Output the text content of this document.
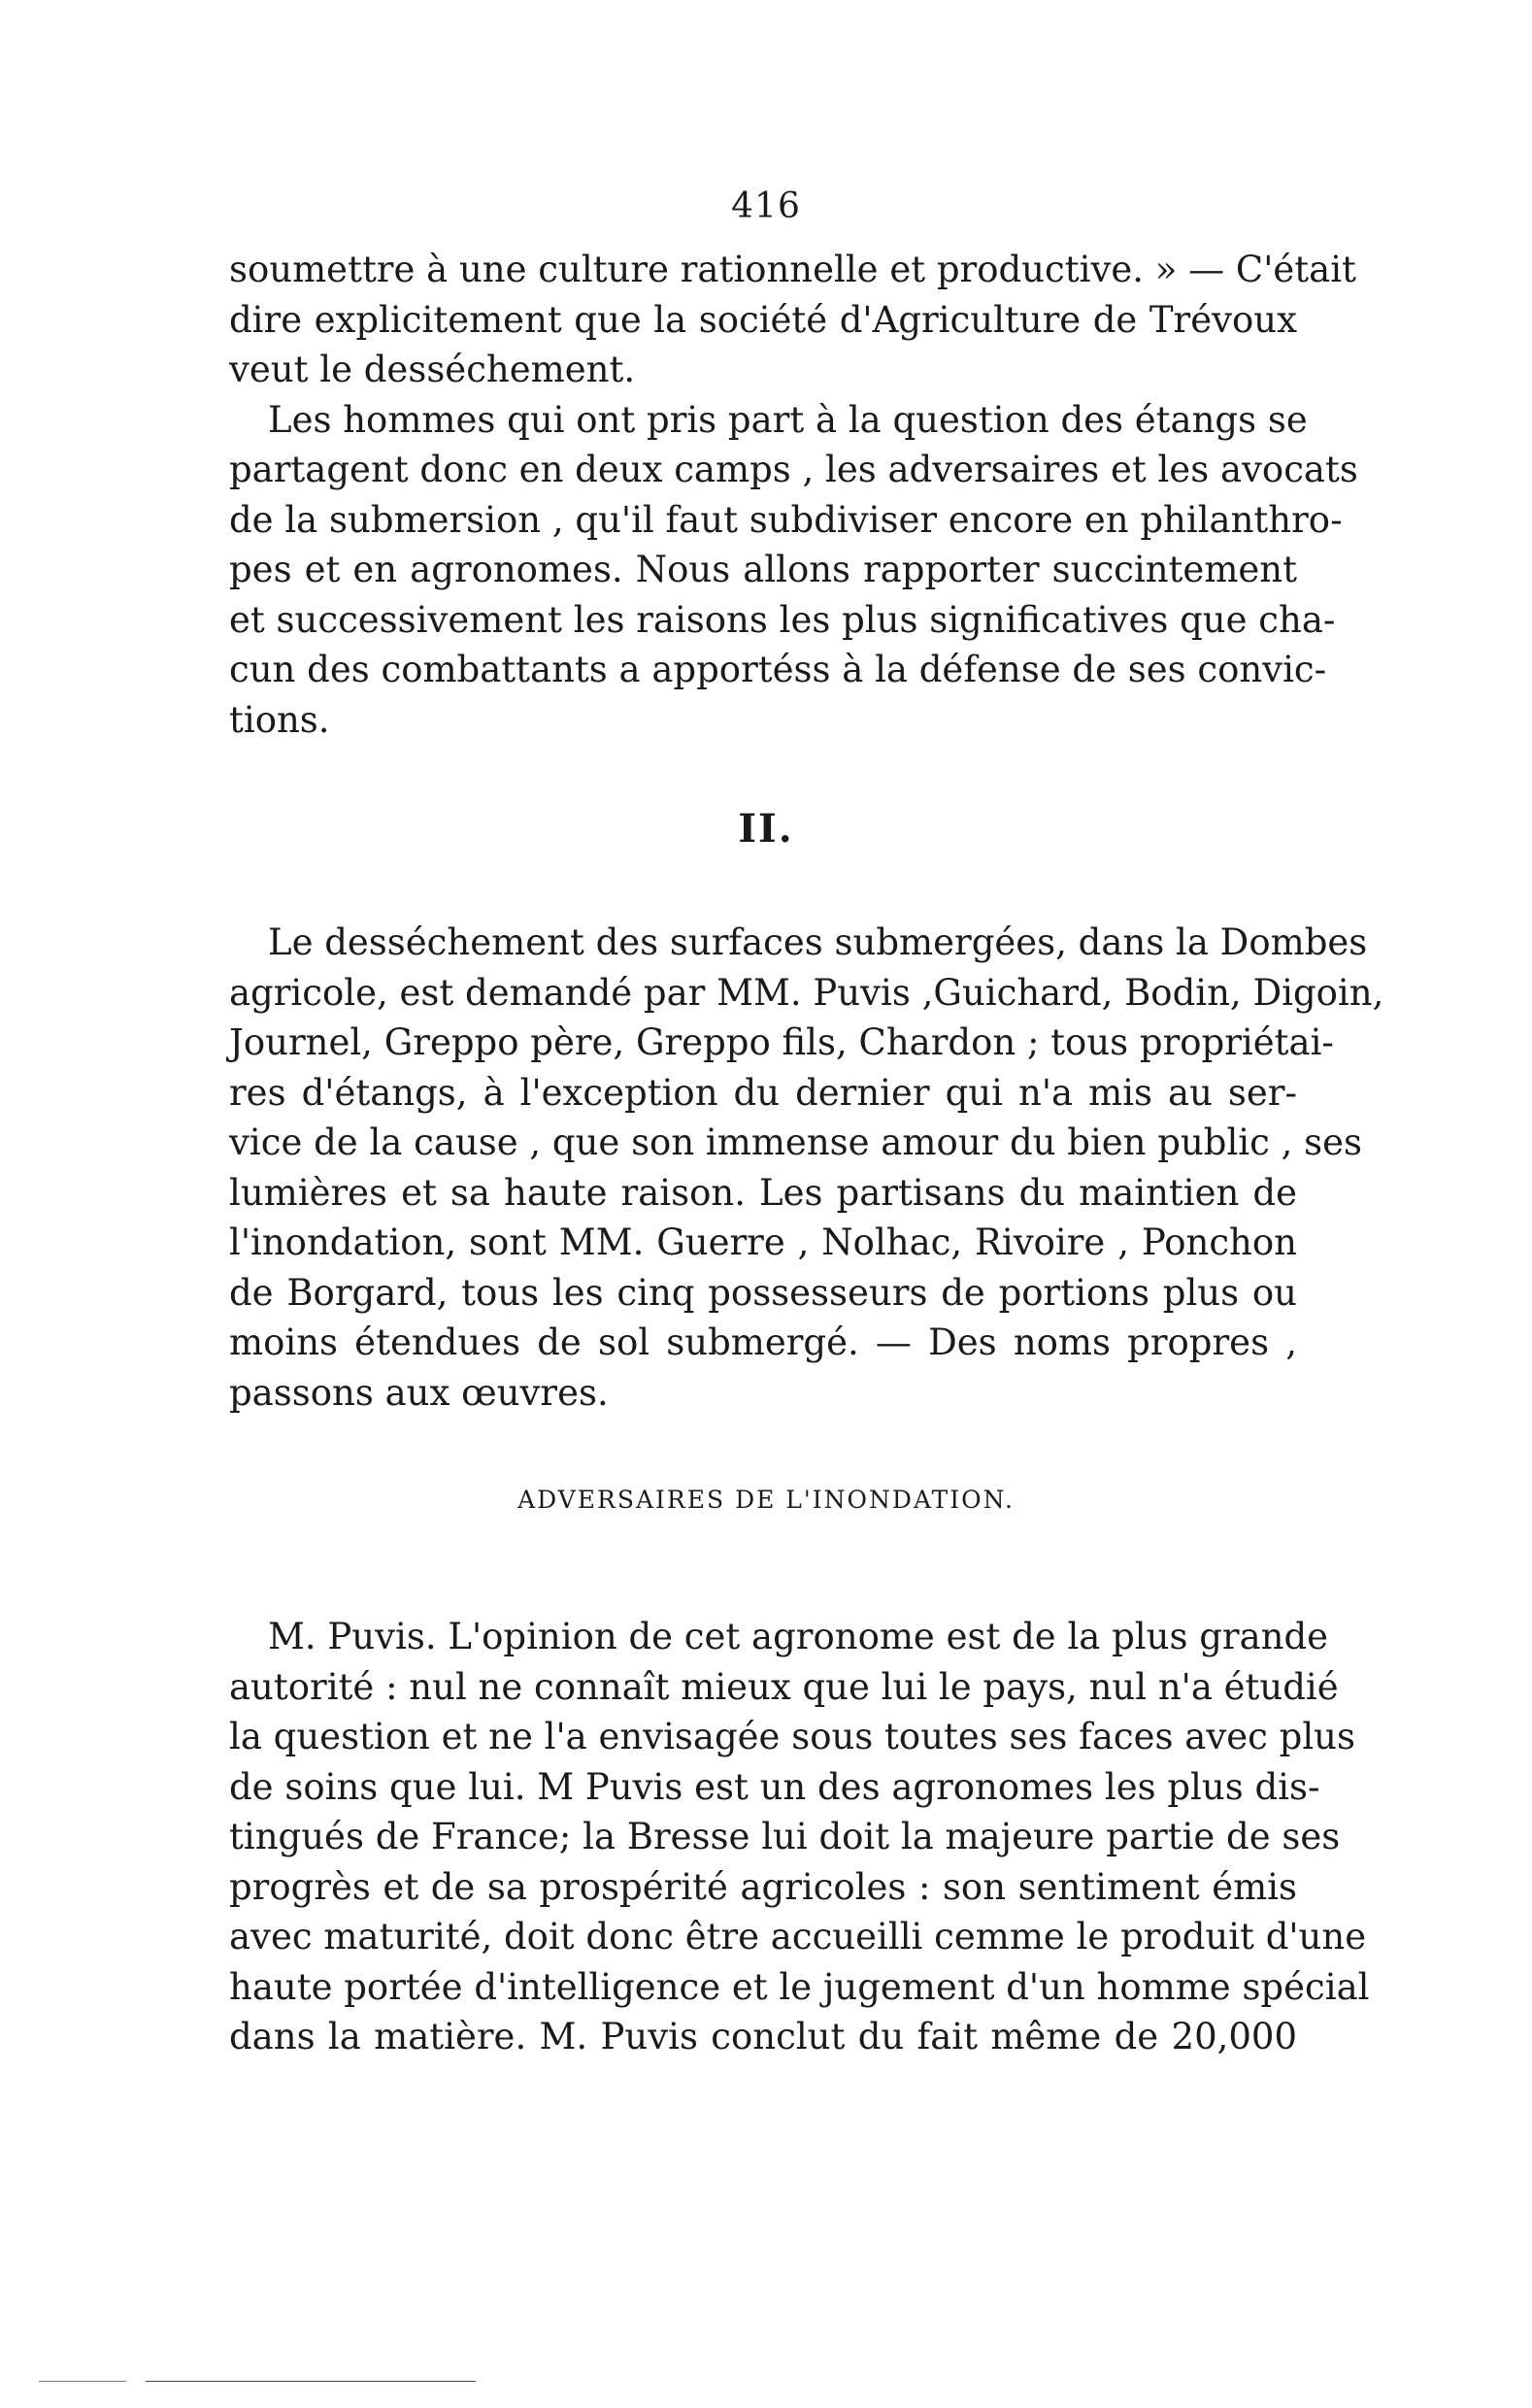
416
soumettre à une culture rationnelle et productive. » — C'était
dire explicitement que la société d'Agriculture de Trévoux
veut le desséchement.
Les hommes qui ont pris part à la question des étangs se
partagent donc en deux camps , les adversaires et les avocats
de la submersion , qu'il faut subdiviser encore en philanthro-
pes et en agronomes. Nous allons rapporter succintement
et successivement les raisons les plus significatives que cha-
cun des combattants a apportéss à la défense de ses convic-
tions.
II.
Le desséchement des surfaces submergées, dans la Dombes
agricole, est demandé par MM. Puvis ,Guichard, Bodin, Digoin,
Journel, Greppo père, Greppo fils, Chardon ; tous propriétai-
res d'étangs, à l'exception du dernier qui n'a mis au ser-
vice de la cause , que son immense amour du bien public , ses
lumières et sa haute raison. Les partisans du maintien de
l'inondation, sont MM. Guerre , Nolhac, Rivoire , Ponchon
de Borgard, tous les cinq possesseurs de portions plus ou
moins étendues de sol submergé. — Des noms propres ,
passons aux œuvres.
ADVERSAIRES DE L'INONDATION.
M. Puvis. L'opinion de cet agronome est de la plus grande
autorité : nul ne connaît mieux que lui le pays, nul n'a étudié
la question et ne l'a envisagée sous toutes ses faces avec plus
de soins que lui. M Puvis est un des agronomes les plus dis-
tingués de France; la Bresse lui doit la majeure partie de ses
progrès et de sa prospérité agricoles : son sentiment émis
avec maturité, doit donc être accueilli cemme le produit d'une
haute portée d'intelligence et le jugement d'un homme spécial
dans la matière. M. Puvis conclut du fait même de 20,000
